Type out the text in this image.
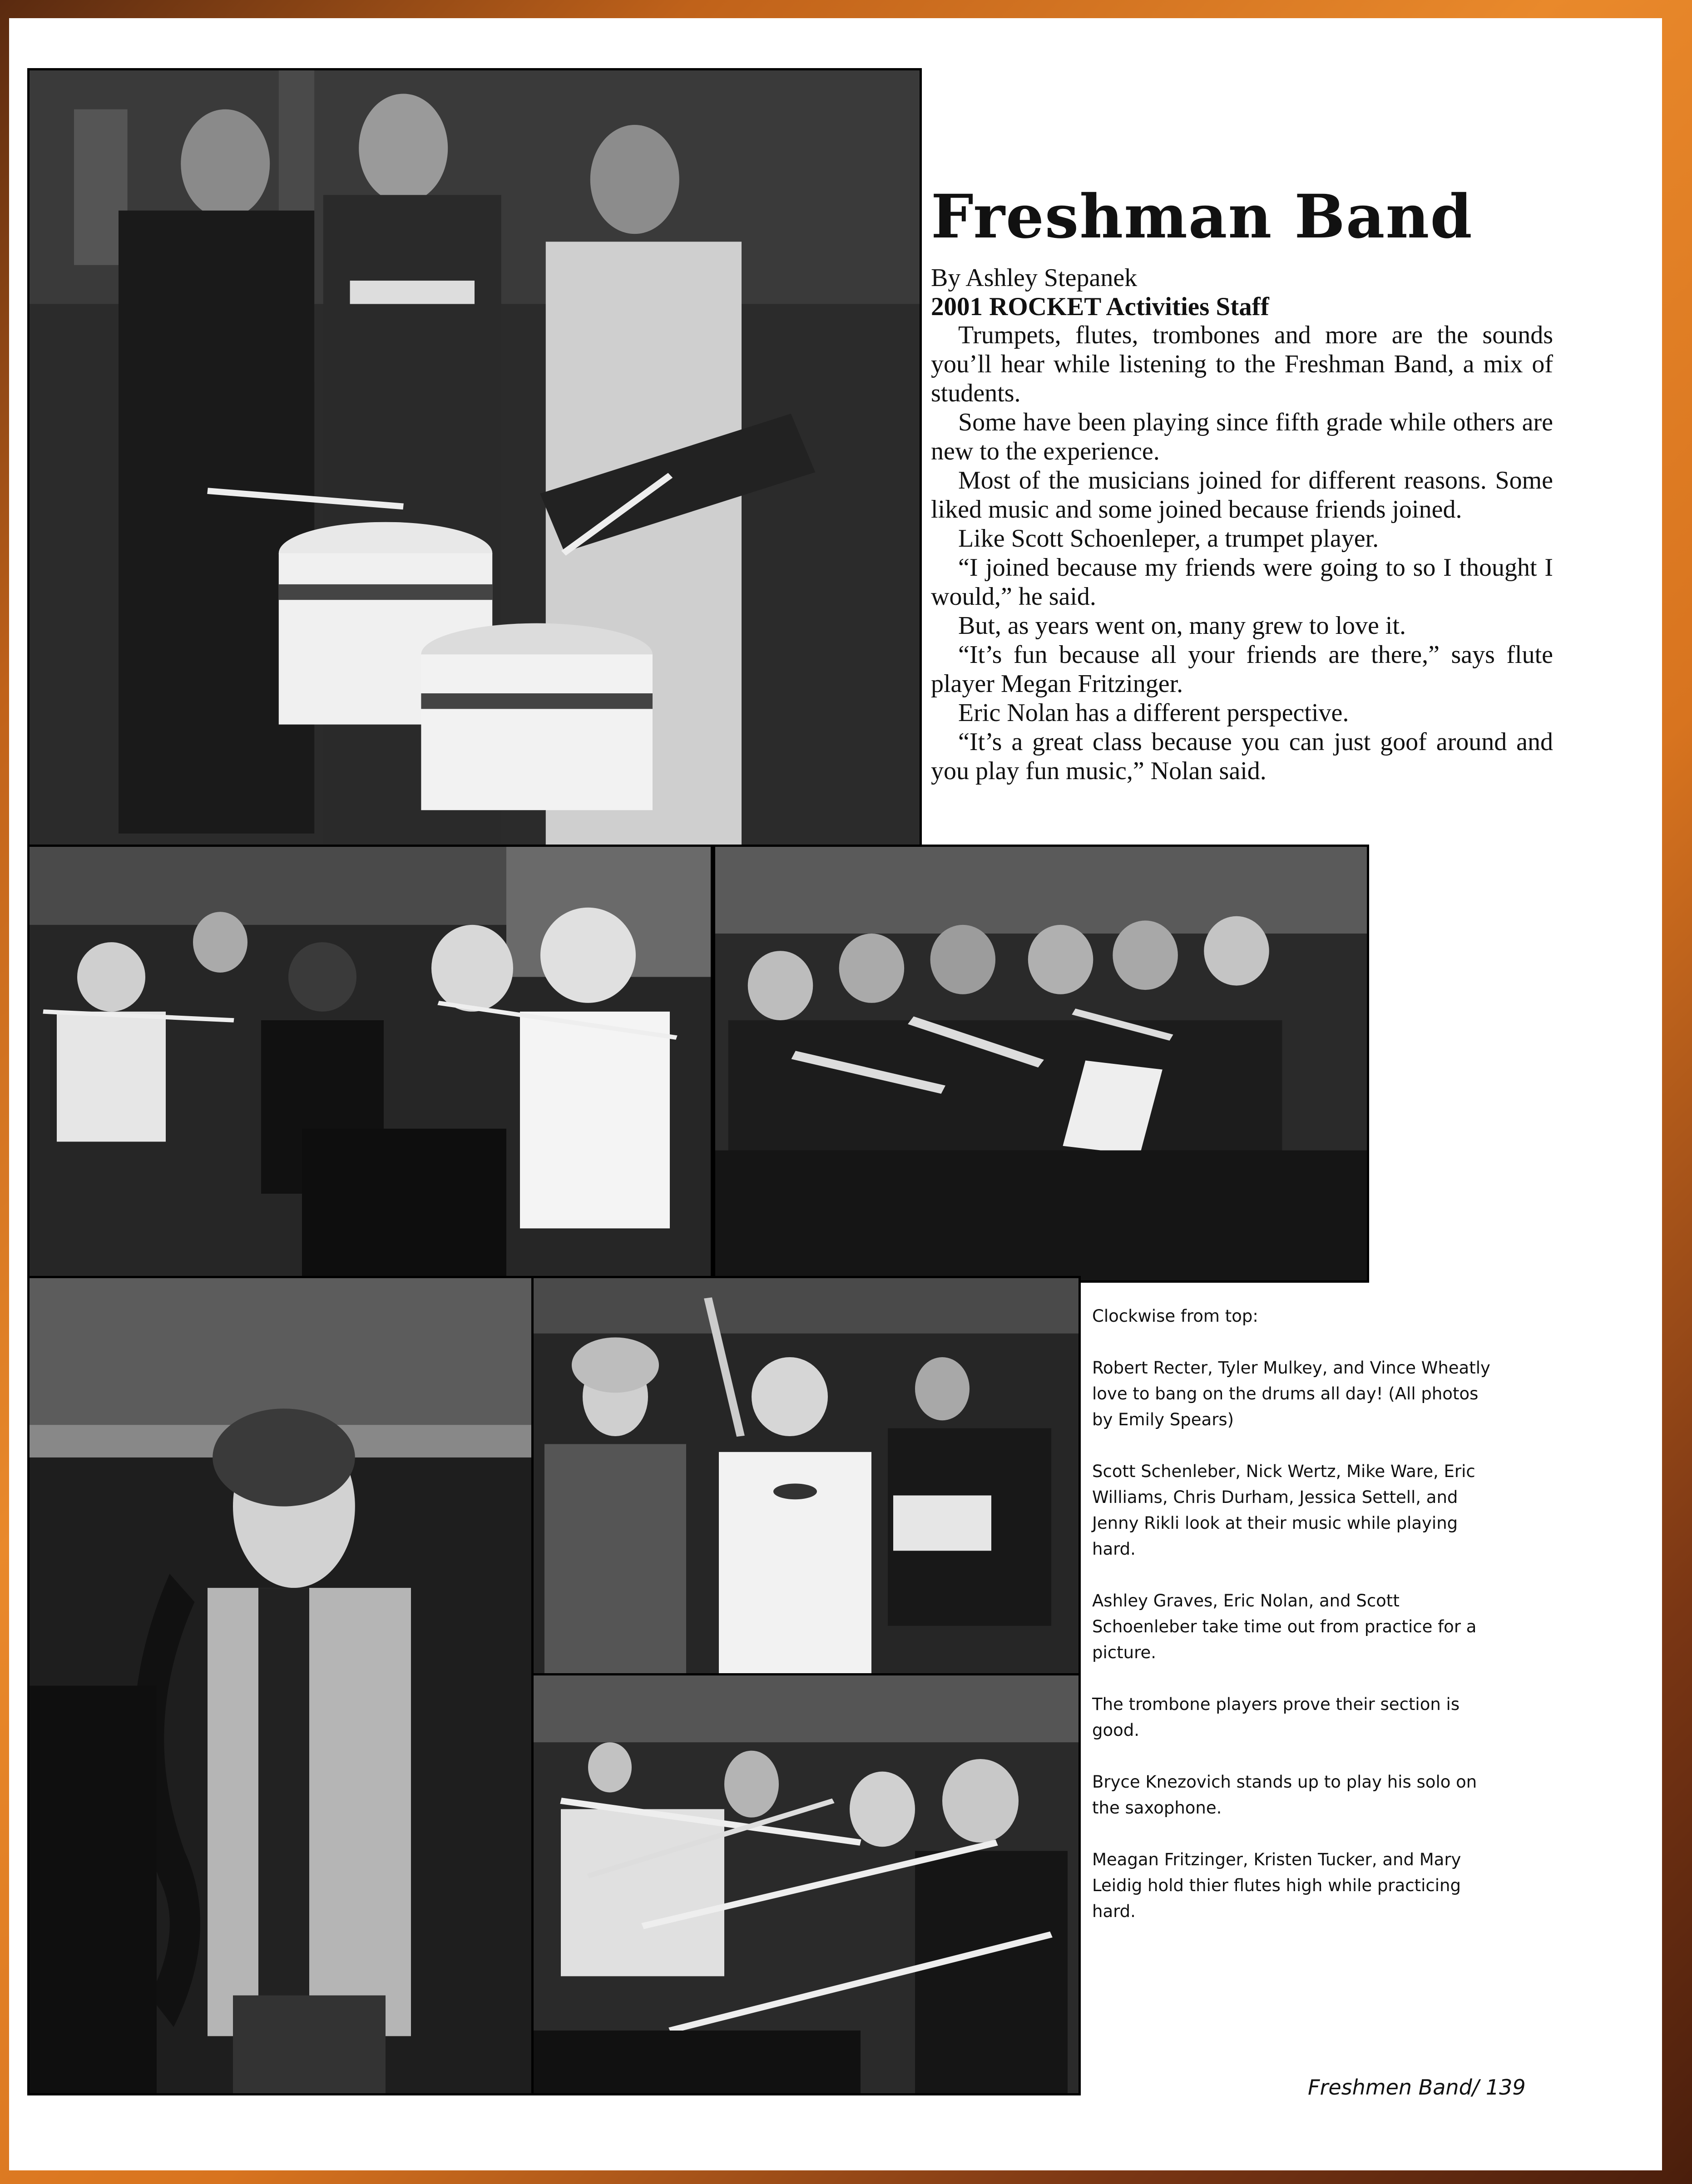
Freshman Band
By Ashley Stepanek
2001 ROCKET Activities Staff

Trumpets, flutes, trombones and more are the sounds you’ll hear while listening to the Freshman Band, a mix of students.

Some have been playing since fifth grade while others are new to the experience.

Most of the musicians joined for different reasons. Some liked music and some joined because friends joined.

Like Scott Schoenleper, a trumpet player.

“I joined because my friends were going to so I thought I would,” he said.

But, as years went on, many grew to love it.

“It’s fun because all your friends are there,” says flute player Megan Fritzinger.

Eric Nolan has a different perspective.

“It’s a great class because you can just goof around and you play fun music,” Nolan said.

Clockwise from top:

Robert Recter, Tyler Mulkey, and Vince Wheatly love to bang on the drums all day! (All photos by Emily Spears)

Scott Schenleber, Nick Wertz, Mike Ware, Eric Williams, Chris Durham, Jessica Settell, and Jenny Rikli look at their music while playing hard.

Ashley Graves, Eric Nolan, and Scott Schoenleber take time out from practice for a picture.

The trombone players prove their section is good.

Bryce Knezovich stands up to play his solo on the saxophone.

Meagan Fritzinger, Kristen Tucker, and Mary Leidig hold thier flutes high while practicing hard.

Freshmen Band/ 139
